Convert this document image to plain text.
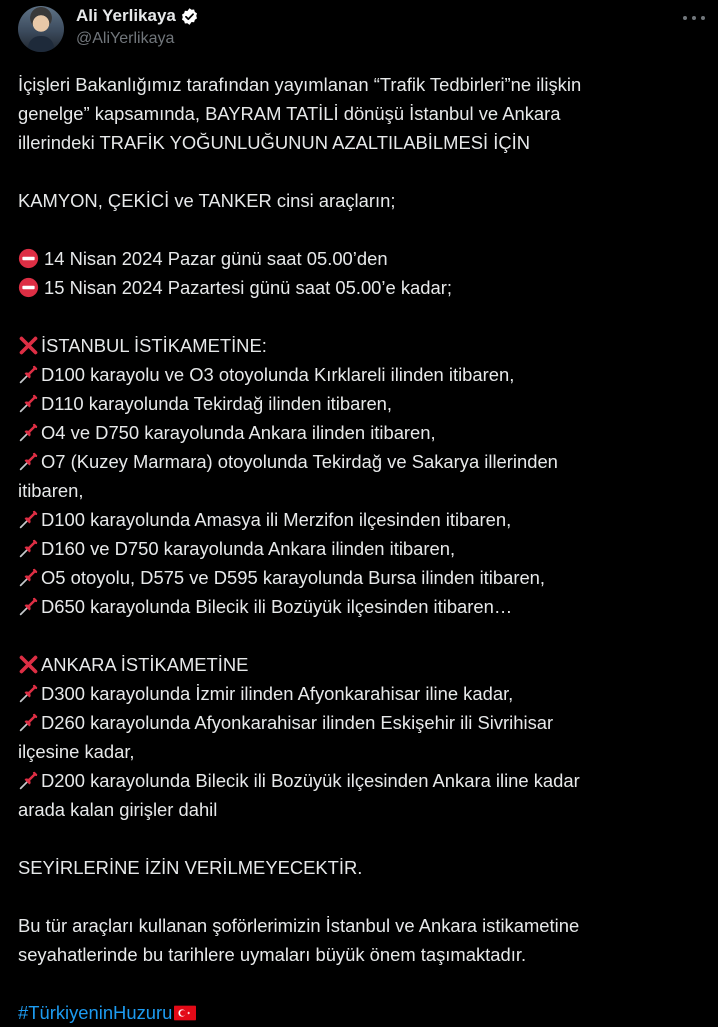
Ali Yerlikaya
@AliYerlikaya
İçişleri Bakanlığımız tarafından yayımlanan “Trafik Tedbirleri”ne ilişkin
genelge” kapsamında, BAYRAM TATİLİ dönüşü İstanbul ve Ankara
illerindeki TRAFİK YOĞUNLUĞUNUN AZALTILABİLMESİ İÇİN
KAMYON, ÇEKİCİ ve TANKER cinsi araçların;
14 Nisan 2024 Pazar günü saat 05.00’den
15 Nisan 2024 Pazartesi günü saat 05.00’e kadar;
İSTANBUL İSTİKAMETİNE:
D100 karayolu ve O3 otoyolunda Kırklareli ilinden itibaren,
D110 karayolunda Tekirdağ ilinden itibaren,
O4 ve D750 karayolunda Ankara ilinden itibaren,
O7 (Kuzey Marmara) otoyolunda Tekirdağ ve Sakarya illerinden
itibaren,
D100 karayolunda Amasya ili Merzifon ilçesinden itibaren,
D160 ve D750 karayolunda Ankara ilinden itibaren,
O5 otoyolu, D575 ve D595 karayolunda Bursa ilinden itibaren,
D650 karayolunda Bilecik ili Bozüyük ilçesinden itibaren…
ANKARA İSTİKAMETİNE
D300 karayolunda İzmir ilinden Afyonkarahisar iline kadar,
D260 karayolunda Afyonkarahisar ilinden Eskişehir ili Sivrihisar
ilçesine kadar,
D200 karayolunda Bilecik ili Bozüyük ilçesinden Ankara iline kadar
arada kalan girişler dahil
SEYİRLERİNE İZİN VERİLMEYECEKTİR.
Bu tür araçları kullanan şoförlerimizin İstanbul ve Ankara istikametine
seyahatlerinde bu tarihlere uymaları büyük önem taşımaktadır.
#TürkiyeninHuzuru
